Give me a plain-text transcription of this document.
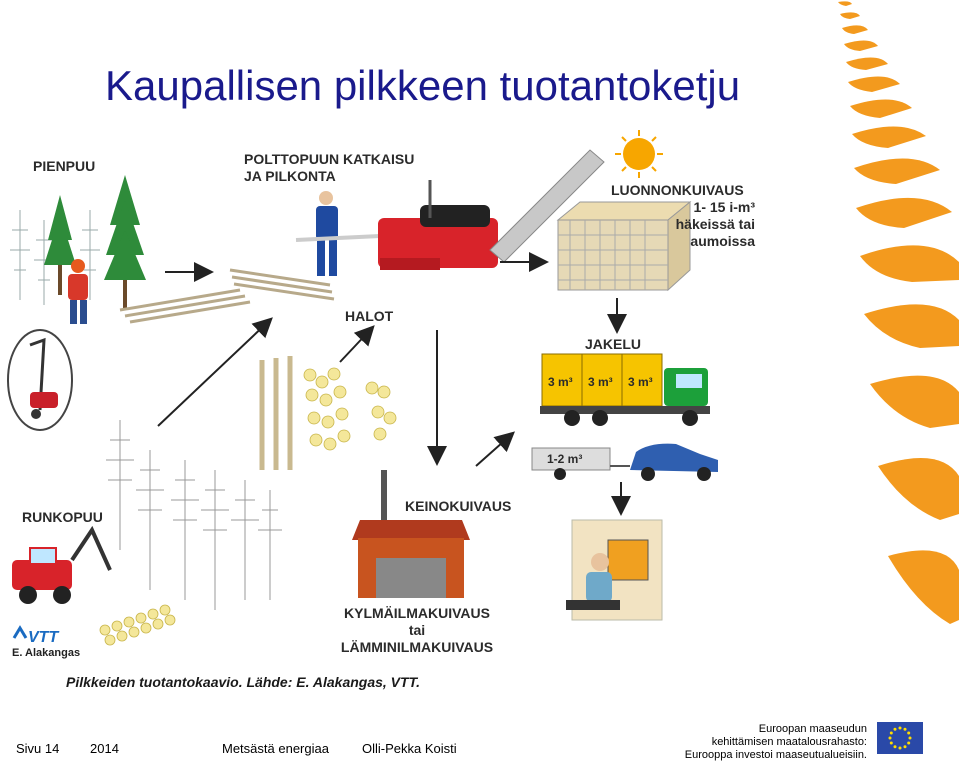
Kaupallisen pilkkeen tuotantoketju
VTT
PIENPUU	POLTTOPUUN KATKAISU
JA PILKONTA
LUONNONKUIVAUS
1- 15 i-m³
häkeissä tai
aumoissa
HALOT
JAKELU
3 m³ 3 m³ 3 m³
1-2 m³
KEINOKUIVAUS
RUNKOPUU
KYLMÄILMAKUIVAUS
tai
LÄMMINILMAKUIVAUS
E. Alakangas
Pilkkeiden tuotantokaavio. Lähde: E. Alakangas, VTT.
Sivu 14 2014	Metsästä energiaa	Olli-Pekka Koisti
Euroopan maaseudun
kehittämisen maatalousrahasto:
Eurooppa investoi maaseutualueisiin.
